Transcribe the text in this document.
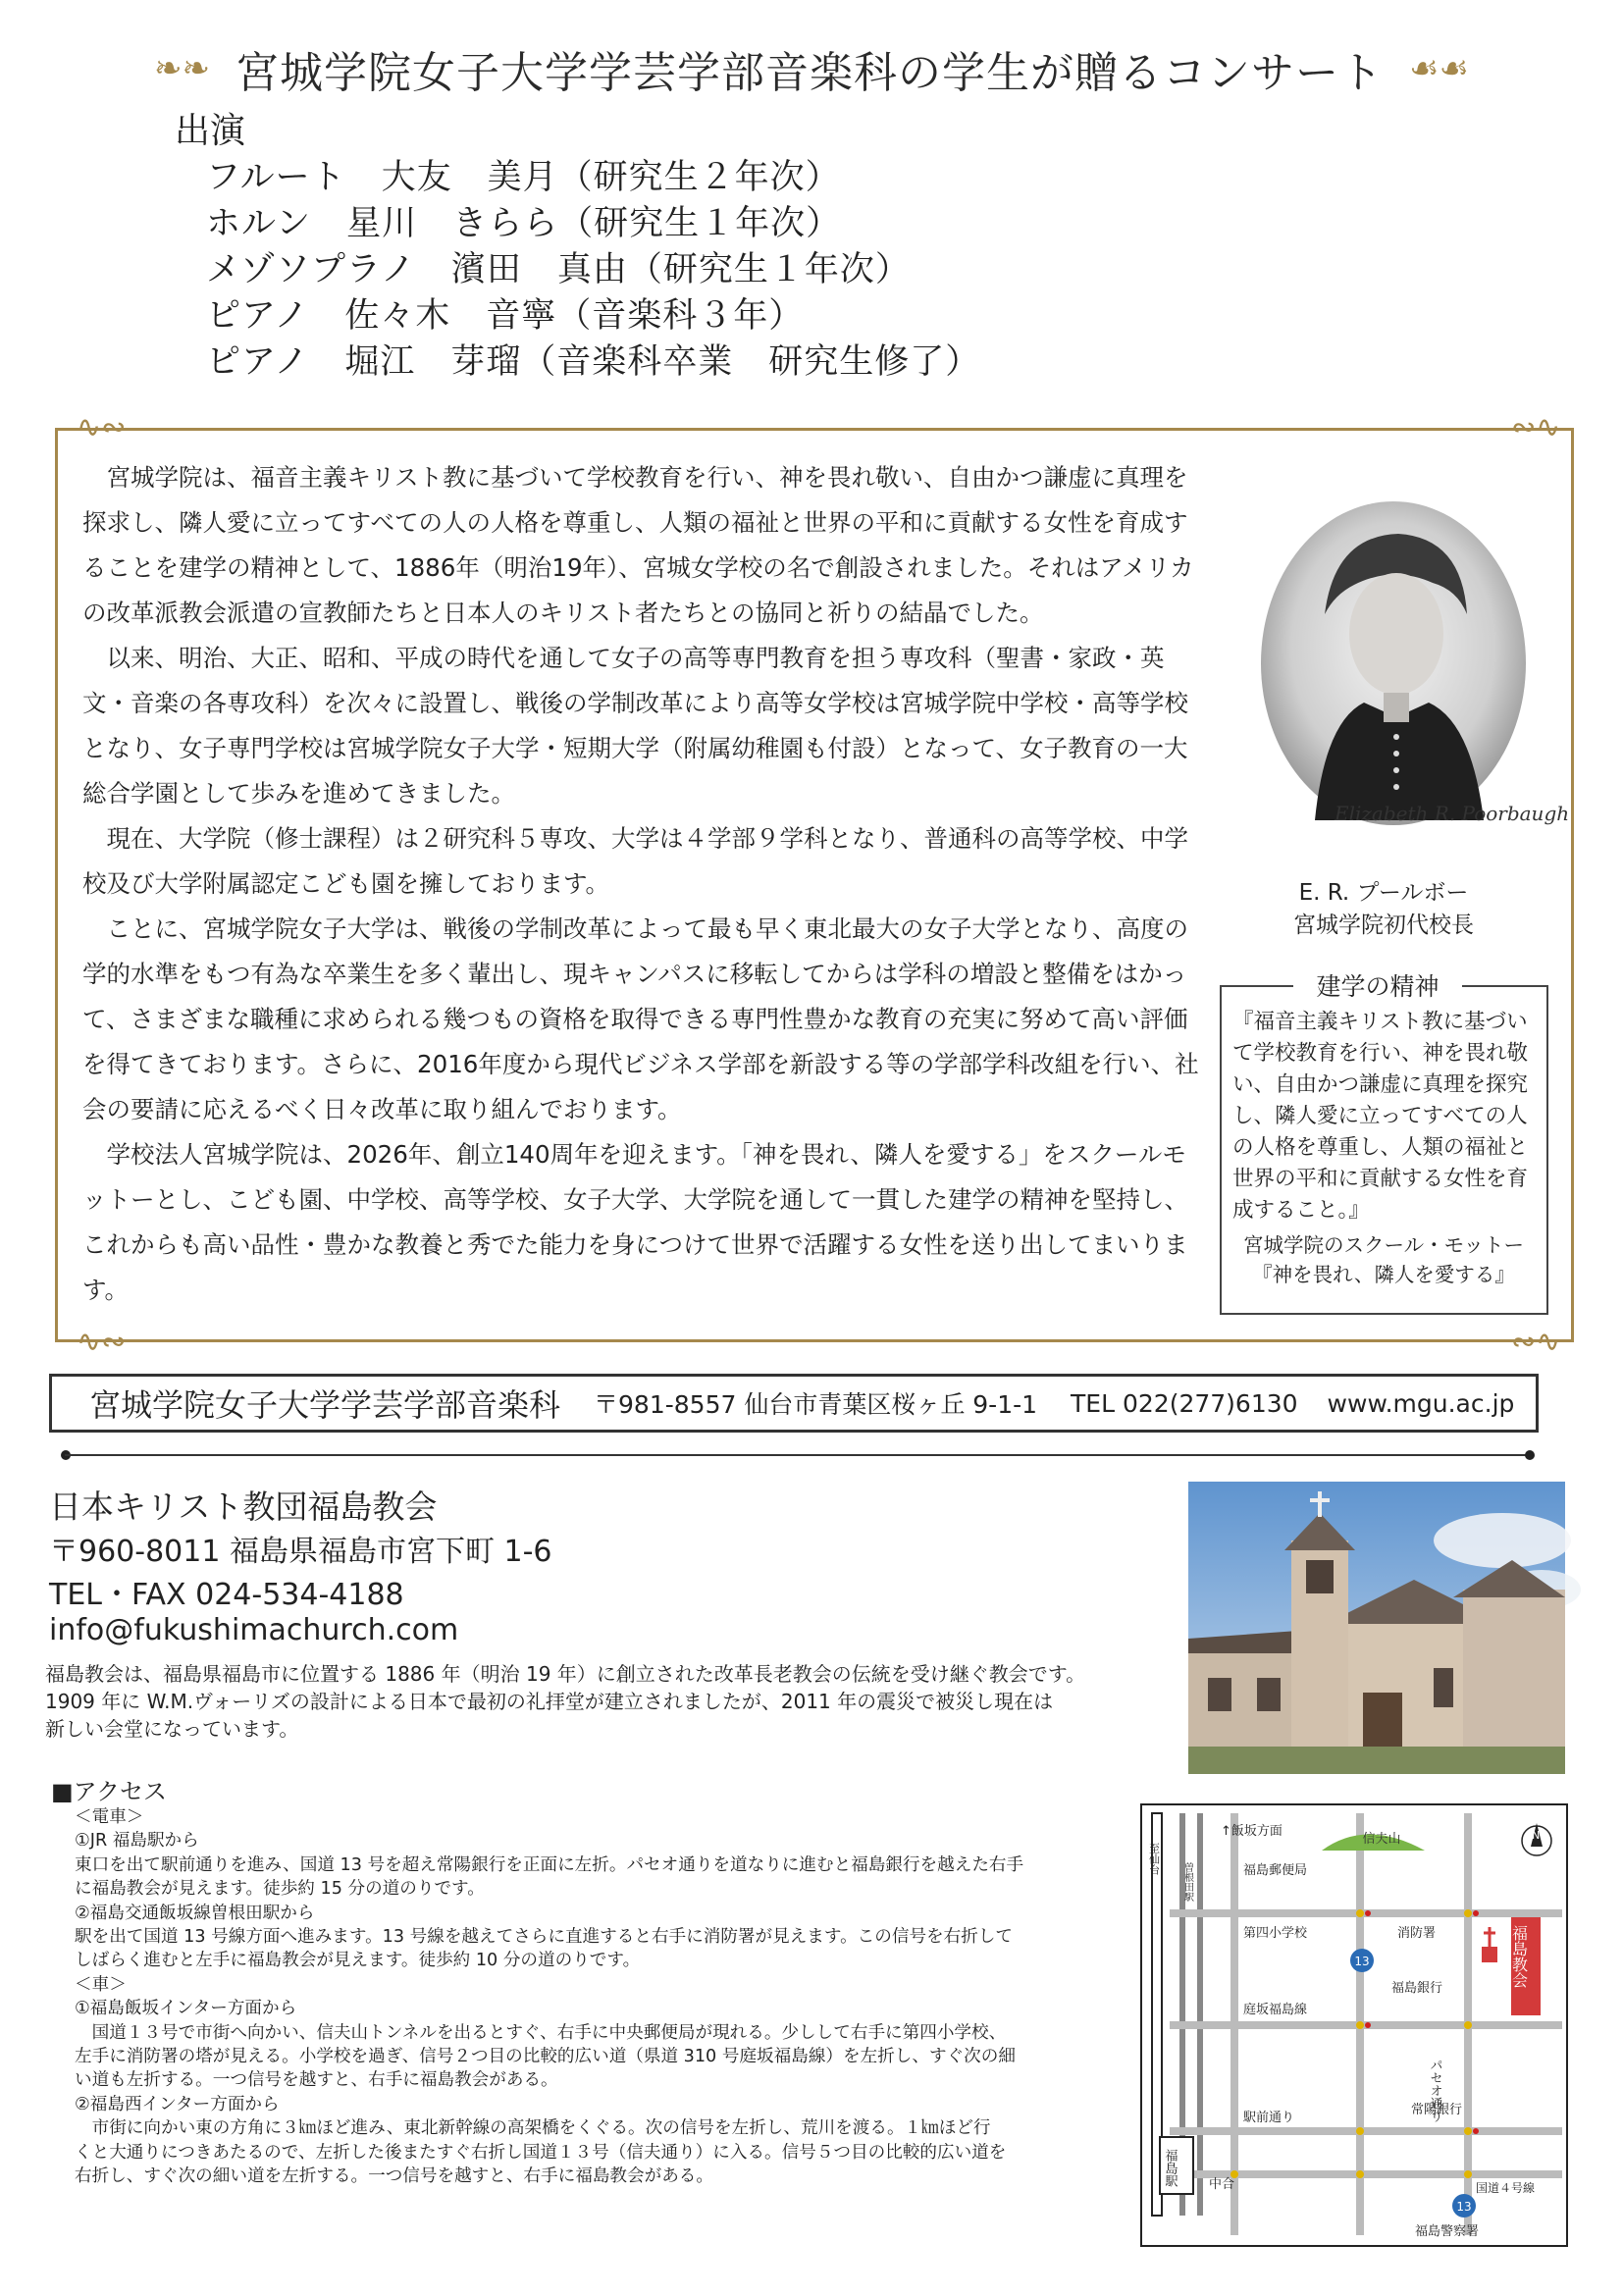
❧❧ 宮城学院女子大学学芸学部音楽科の学生が贈るコンサート ☙☙
出演
フルート　大友　美月（研究生２年次）
ホルン　星川　きらら（研究生１年次）
メゾソプラノ　濱田　真由（研究生１年次）
ピアノ　佐々木　音寧（音楽科３年）
ピアノ　堀江　芽瑠（音楽科卒業　研究生修了）
∿∾	∾∿
∿∾	∾∿

宮城学院は、福音主義キリスト教に基づいて学校教育を行い、神を畏れ敬い、自由かつ謙虚に真理を探求し、隣人愛に立ってすべての人の人格を尊重し、人類の福祉と世界の平和に貢献する女性を育成することを建学の精神として、1886年（明治19年）、宮城女学校の名で創設されました。それはアメリカの改革派教会派遣の宣教師たちと日本人のキリスト者たちとの協同と祈りの結晶でした。

以来、明治、大正、昭和、平成の時代を通して女子の高等専門教育を担う専攻科（聖書・家政・英文・音楽の各専攻科）を次々に設置し、戦後の学制改革により高等女学校は宮城学院中学校・高等学校となり、女子専門学校は宮城学院女子大学・短期大学（附属幼稚園も付設）となって、女子教育の一大総合学園として歩みを進めてきました。

現在、大学院（修士課程）は２研究科５専攻、大学は４学部９学科となり、普通科の高等学校、中学校及び大学附属認定こども園を擁しております。

ことに、宮城学院女子大学は、戦後の学制改革によって最も早く東北最大の女子大学となり、高度の学的水準をもつ有為な卒業生を多く輩出し、現キャンパスに移転してからは学科の増設と整備をはかって、さまざまな職種に求められる幾つもの資格を取得できる専門性豊かな教育の充実に努めて高い評価を得てきております。さらに、2016年度から現代ビジネス学部を新設する等の学部学科改組を行い、社会の要請に応えるべく日々改革に取り組んでおります。

学校法人宮城学院は、2026年、創立140周年を迎えます。「神を畏れ、隣人を愛する」をスクールモットーとし、こども園、中学校、高等学校、女子大学、大学院を通して一貫した建学の精神を堅持し、これからも高い品性・豊かな教養と秀でた能力を身につけて世界で活躍する女性を送り出してまいります。

Elizabeth R. Poorbaugh
E. R. プールボー
宮城学院初代校長
建学の精神
『福音主義キリスト教に基づいて学校教育を行い、神を畏れ敬い、自由かつ謙虚に真理を探究し、隣人愛に立ってすべての人の人格を尊重し、人類の福祉と世界の平和に貢献する女性を育成すること。』
宮城学院のスクール・モットー
『神を畏れ、隣人を愛する』
宮城学院女子大学学芸学部音楽科 〒981-8557 仙台市青葉区桜ヶ丘 9-1-1 TEL 022(277)6130 www.mgu.ac.jp
日本キリスト教団福島教会
〒960-8011 福島県福島市宮下町 1-6
TEL・FAX 024-534-4188
info@fukushimachurch.com
福島教会は、福島県福島市に位置する 1886 年（明治 19 年）に創立された改革長老教会の伝統を受け継ぐ教会です。
1909 年に W.M.ヴォーリズの設計による日本で最初の礼拝堂が建立されましたが、2011 年の震災で被災し現在は
新しい会堂になっています。
■アクセス
＜電車＞
①JR 福島駅から
東口を出て駅前通りを進み、国道 13 号を超え常陽銀行を正面に左折。パセオ通りを道なりに進むと福島銀行を越えた右手
に福島教会が見えます。徒歩約 15 分の道のりです。
②福島交通飯坂線曽根田駅から
駅を出て国道 13 号線方面へ進みます。13 号線を越えてさらに直進すると右手に消防署が見えます。この信号を右折して
しばらく進むと左手に福島教会が見えます。徒歩約 10 分の道のりです。
＜車＞
①福島飯坂インター方面から
　国道１３号で市街へ向かい、信夫山トンネルを出るとすぐ、右手に中央郵便局が現れる。少しして右手に第四小学校、
左手に消防署の塔が見える。小学校を過ぎ、信号２つ目の比較的広い道（県道 310 号庭坂福島線）を左折し、すぐ次の細
い道も左折する。一つ信号を越すと、右手に福島教会がある。
②福島西インター方面から
　市街に向かい東の方角に３㎞ほど進み、東北新幹線の高架橋をくぐる。次の信号を左折し、荒川を渡る。１㎞ほど行
くと大通りにつきあたるので、左折した後またすぐ右折し国道１３号（信夫通り）に入る。信号５つ目の比較的広い道を
右折し、すぐ次の細い道を左折する。一つ信号を越すと、右手に福島教会がある。
信夫山
↑飯坂方面	N
福島郵便局
第四小学校	消防署
福島銀行
庭坂福島線
常陽銀行
駅前通り
中合	国道４号線
福島警察署
パセオ通り
至仙台
曽根田駅
13
13
福島駅
福島教会
